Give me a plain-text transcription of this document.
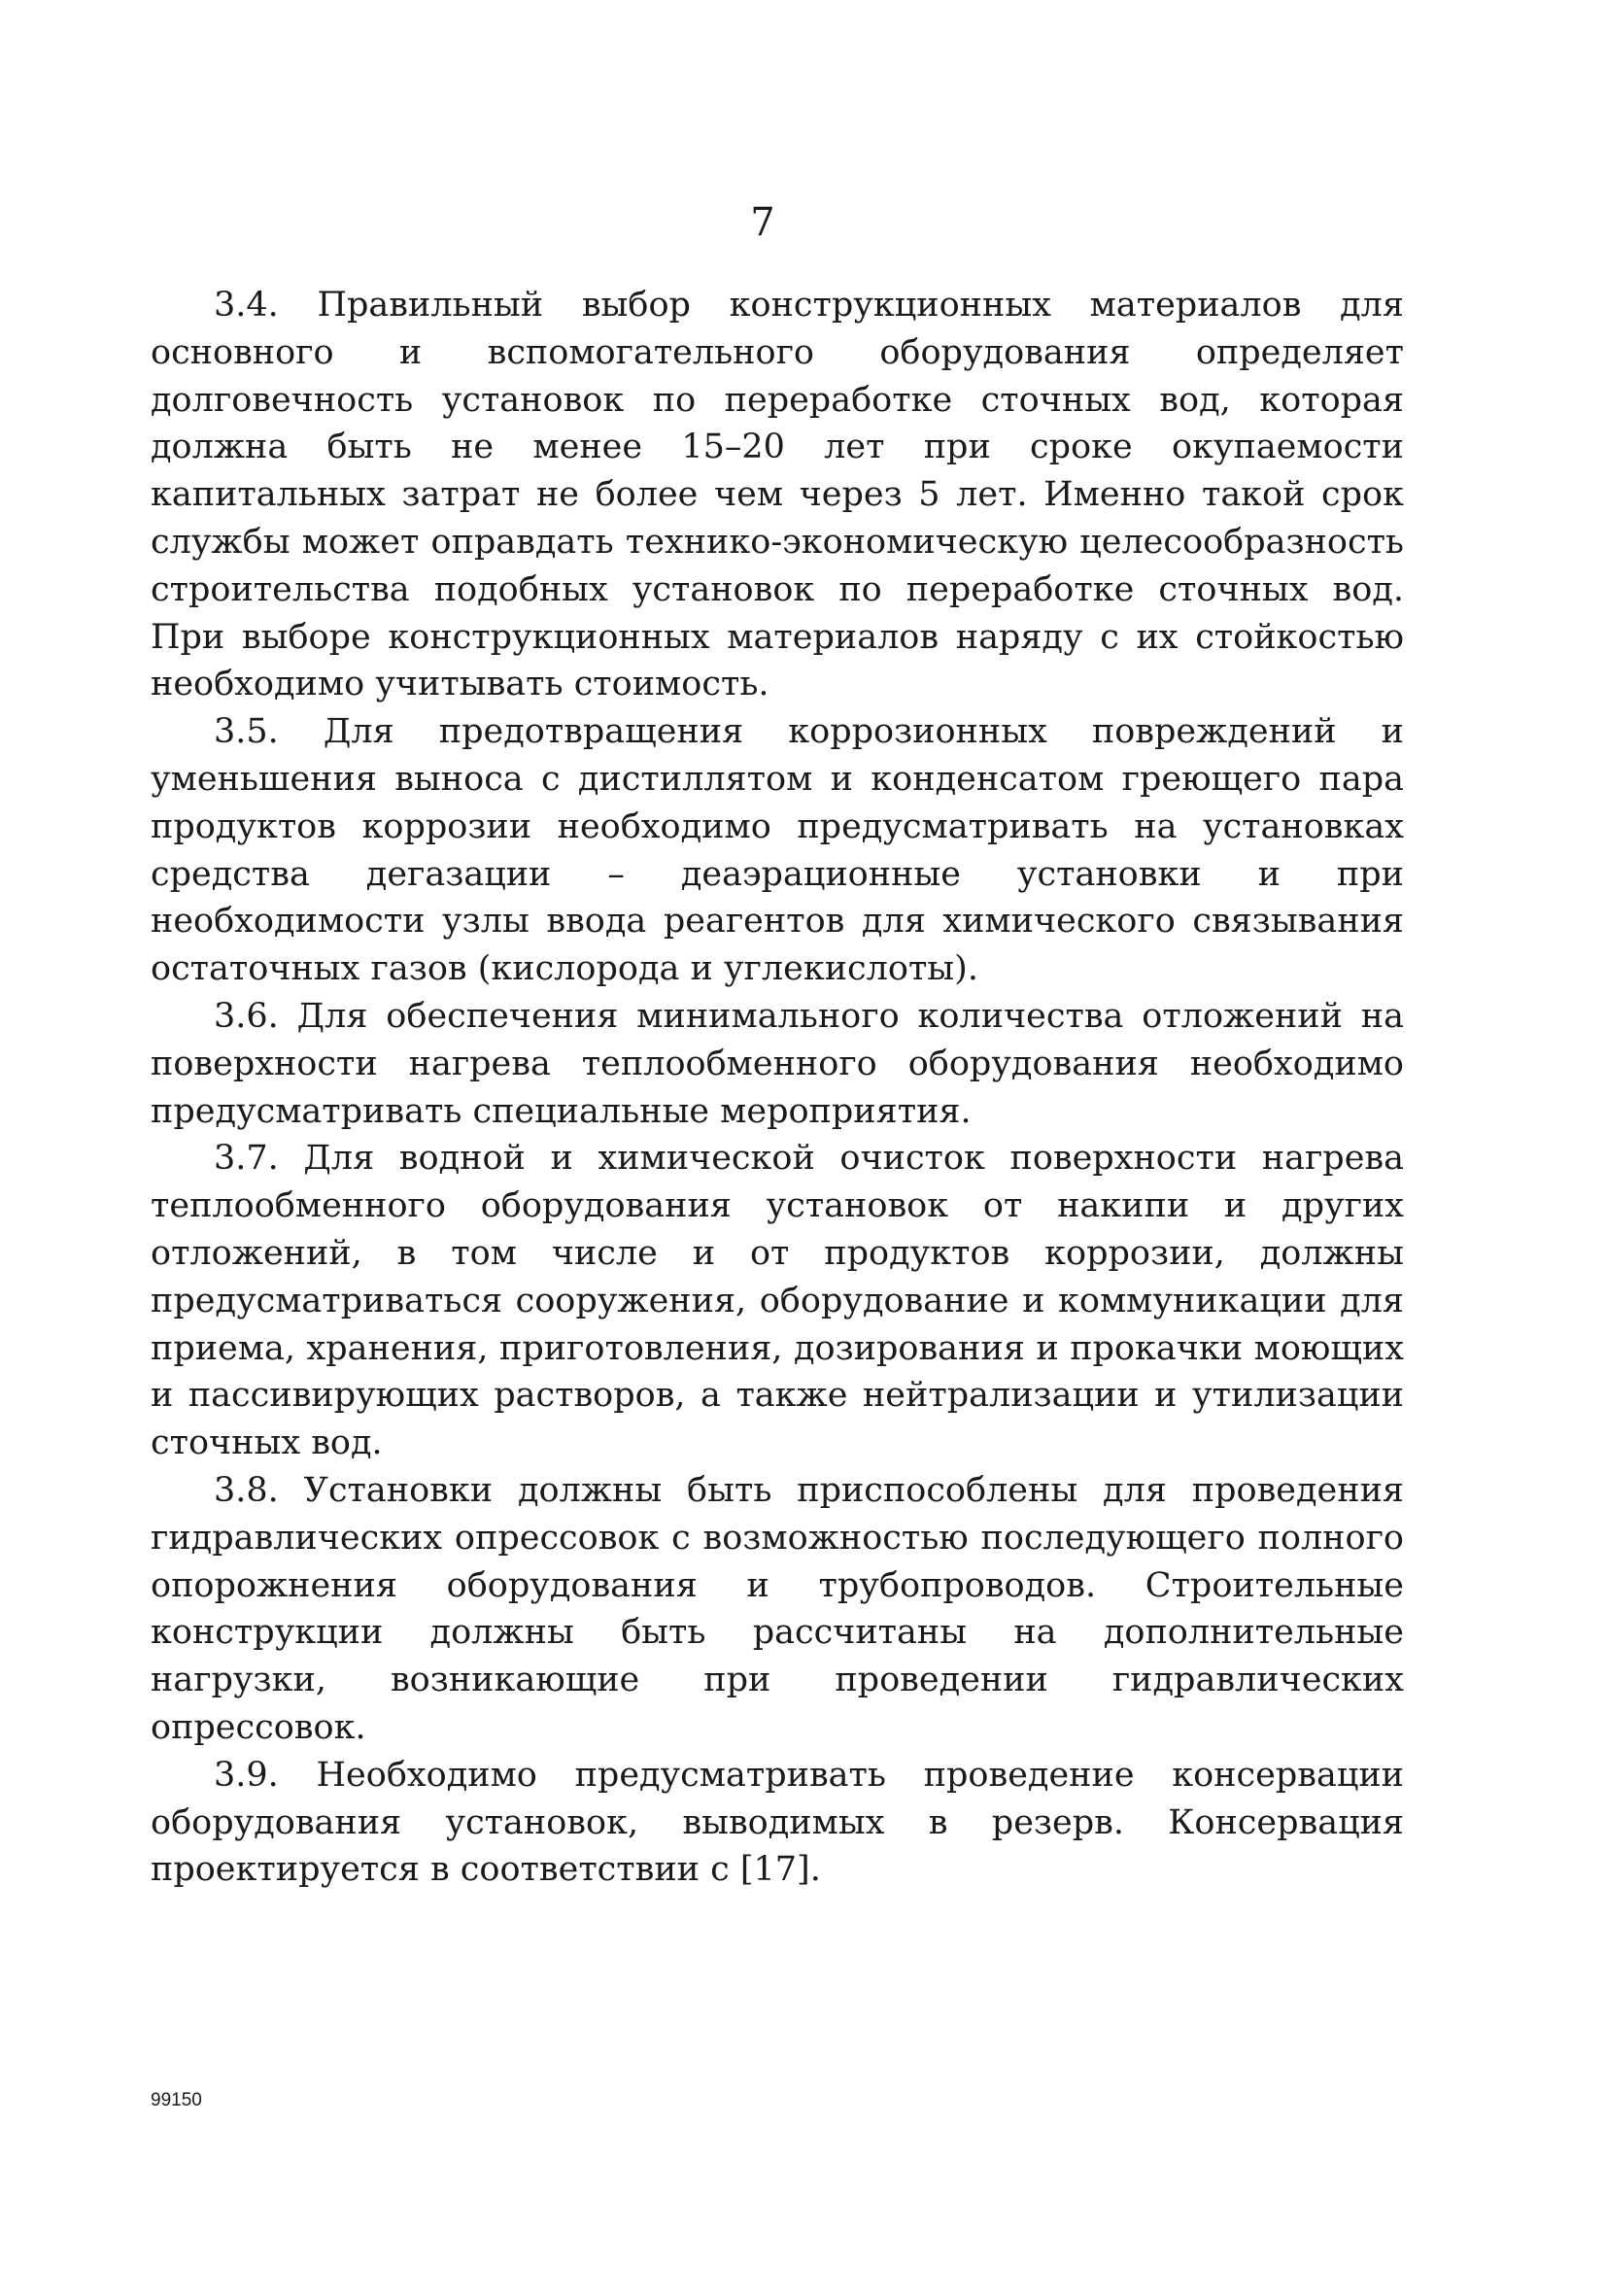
7

3.4. Правильный выбор конструкционных материалов для основного и вспомогательного оборудования определяет долговечность установок по переработке сточных вод, которая должна быть не менее 15–20 лет при сроке окупаемости капитальных затрат не более чем через 5 лет. Именно такой срок службы может оправдать технико-экономическую целесообразность строительства подобных установок по переработке сточных вод. При выборе конструкционных материалов наряду с их стойкостью необходимо учитывать стоимость.

3.5. Для предотвращения коррозионных повреждений и уменьшения выноса с дистиллятом и конденсатом греющего пара продуктов коррозии необходимо предусматривать на установках средства дегазации – деаэрационные установки и при необходимости узлы ввода реагентов для химического связывания остаточных газов (кислорода и углекислоты).

3.6. Для обеспечения минимального количества отложений на поверхности нагрева теплообменного оборудования необходимо предусматривать специальные мероприятия.

3.7. Для водной и химической очисток поверхности нагрева теплообменного оборудования установок от накипи и других отложений, в том числе и от продуктов коррозии, должны предусматриваться сооружения, оборудование и коммуникации для приема, хранения, приготовления, дозирования и прокачки моющих и пассивирующих растворов, а также нейтрализации и утилизации сточных вод.

3.8. Установки должны быть приспособлены для проведения гидравлических опрессовок с возможностью последующего полного опорожнения оборудования и трубопроводов. Строительные конструкции должны быть рассчитаны на дополнительные нагрузки, возникающие при проведении гидравлических опрессовок.

3.9. Необходимо предусматривать проведение консервации оборудования установок, выводимых в резерв. Консервация проектируется в соответствии с [17].

99150
